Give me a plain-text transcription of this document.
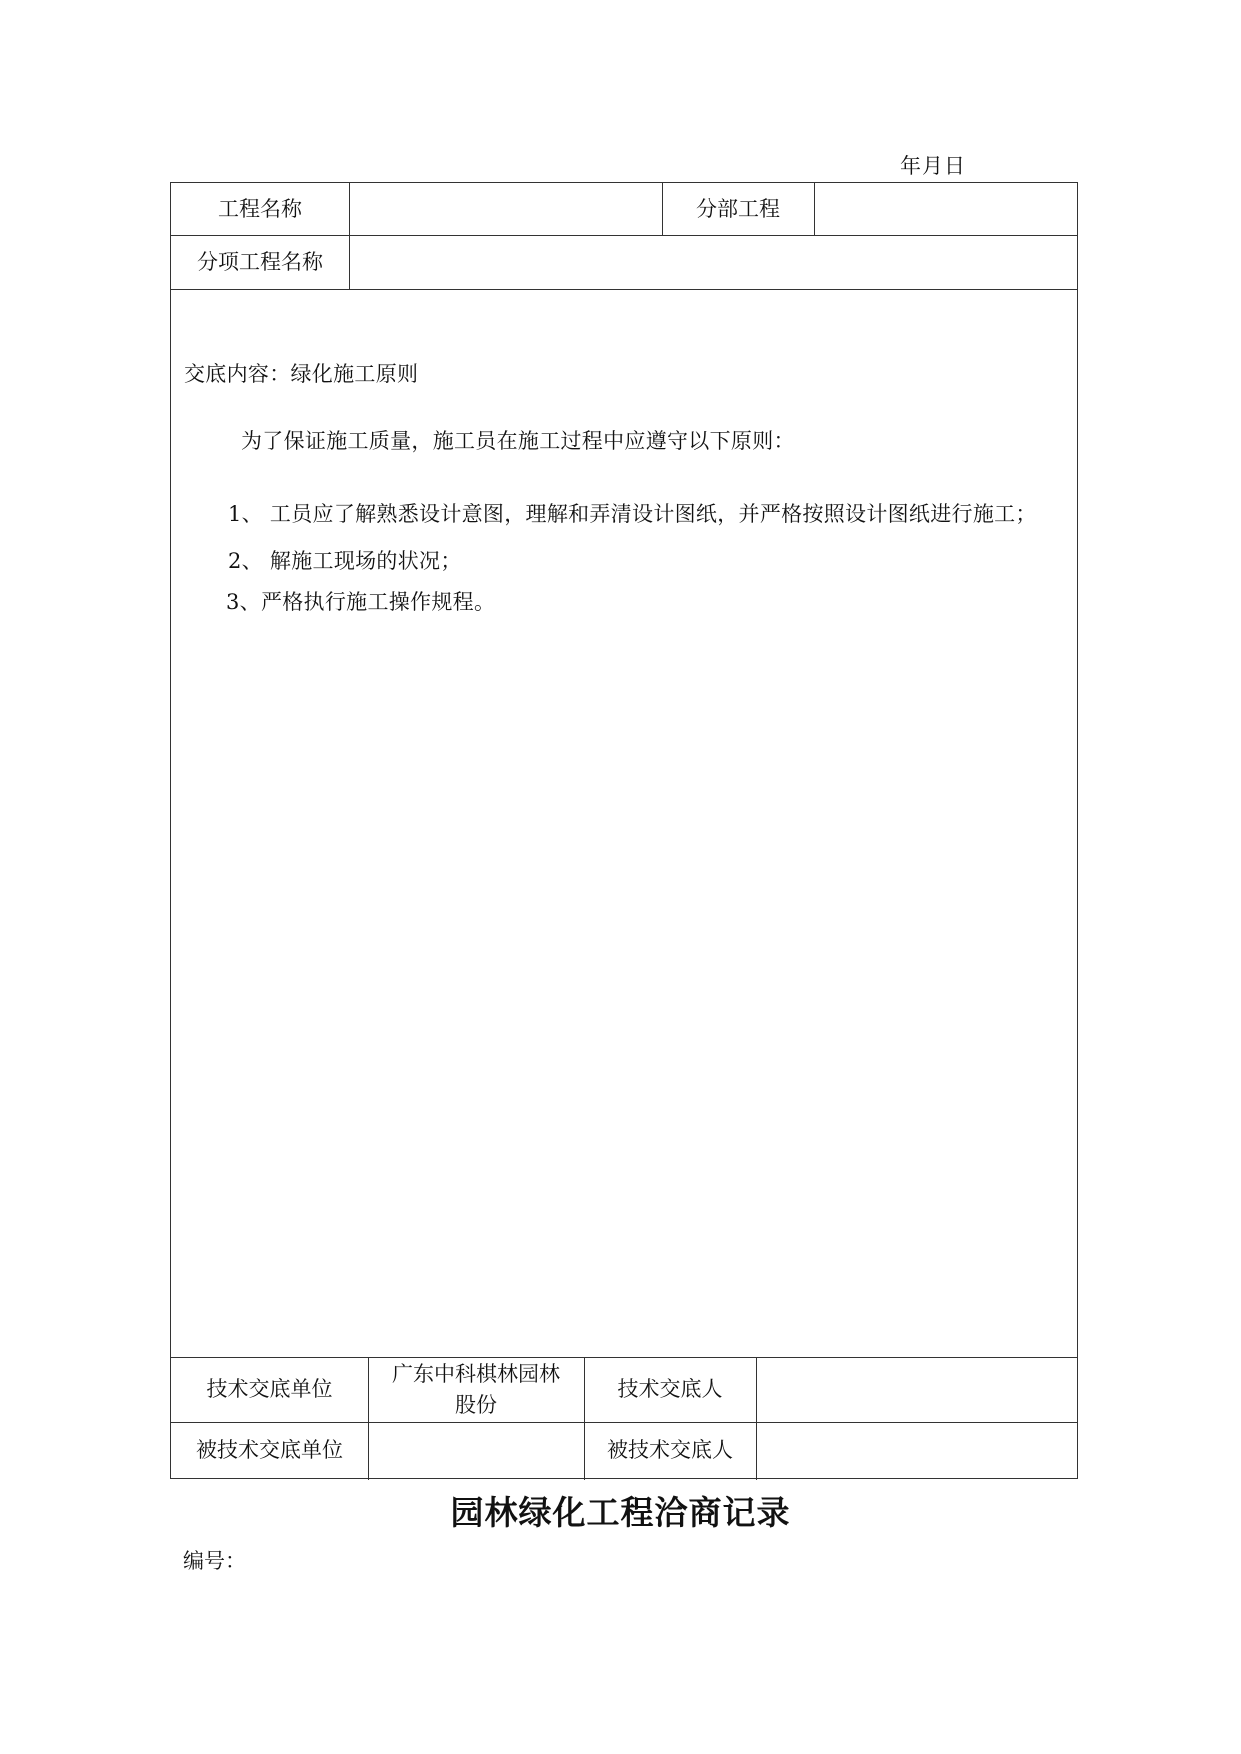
年月日
工程名称	分部工程
分项工程名称
交底内容：绿化施工原则
为了保证施工质量，施工员在施工过程中应遵守以下原则：
1、 工员应了解熟悉设计意图，理解和弄清设计图纸，并严格按照设计图纸进行施工；
2、 解施工现场的状况；
3、严格执行施工操作规程。
技术交底单位
广东中科棋林园林股份
技术交底人
被技术交底单位	被技术交底人
园林绿化工程洽商记录
编号：
